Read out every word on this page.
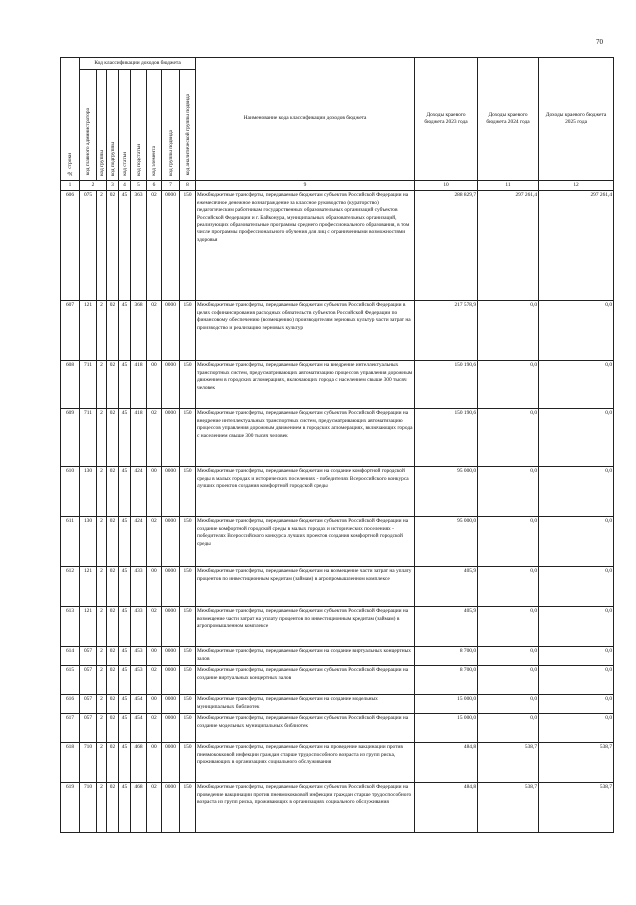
70
№ строки	Код классификации доходов бюджета								Наименование кода классификации доходов бюджета	Доходы краевого бюджета 2023 года	Доходы краевого бюджета 2024 года	Доходы краевого бюджета 2025 года
	код главного администратора	код группы	код подгруппы	код статьи	код подстатьи	код элемента	код группы подвида	код аналитической группы подвида				
1	2		3	4	5	6	7	8	9	10	11	12
606	075	2	02	45	363	02	0000	150	Межбюджетные трансферты, передаваемые бюджетам субъектов Российской Федерации на ежемесячное денежное вознаграждение за классное руководство (кураторство) педагогическим работникам государственных образовательных организаций субъектов Российской Федерации и г. Байконура, муниципальных образовательных организаций, реализующих образовательные программы среднего профессионального образования, в том числе программы профессионального обучения для лиц с ограниченными возможностями здоровья	288 829,7	297 261,4	297 261,4
607	121	2	02	45	368	02	0000	150	Межбюджетные трансферты, передаваемые бюджетам субъектов Российской Федерации в целях софинансирования расходных обязательств субъектов Российской Федерации по финансовому обеспечению (возмещению) производителям зерновых культур части затрат на производство и реализацию зерновых культур	217 578,9	0,0	0,0
608	711	2	02	45	418	00	0000	150	Межбюджетные трансферты, передаваемые бюджетам на внедрение интеллектуальных транспортных систем, предусматривающих автоматизацию процессов управления дорожным движением в городских агломерациях, включающих города с населением свыше 300 тысяч человек	150 190,6	0,0	0,0
609	711	2	02	45	418	02	0000	150	Межбюджетные трансферты, передаваемые бюджетам субъектов Российской Федерации на внедрение интеллектуальных транспортных систем, предусматривающих автоматизацию процессов управления дорожным движением в городских агломерациях, включающих города с населением свыше 300 тысяч человек	150 190,6	0,0	0,0
610	130	2	02	45	424	00	0000	150	Межбюджетные трансферты, передаваемые бюджетам на создание комфортной городской среды в малых городах и исторических поселениях - победителях Всероссийского конкурса лучших проектов создания комфортной городской среды	95 000,0	0,0	0,0
611	130	2	02	45	424	02	0000	150	Межбюджетные трансферты, передаваемые бюджетам субъектов Российской Федерации на создание комфортной городской среды в малых городах и исторических поселениях - победителях Всероссийского конкурса лучших проектов создания комфортной городской среды	95 000,0	0,0	0,0
612	121	2	02	45	433	00	0000	150	Межбюджетные трансферты, передаваемые бюджетам на возмещение части затрат на уплату процентов по инвестиционным кредитам (займам) в агропромышленном комплексе	405,9	0,0	0,0
613	121	2	02	45	433	02	0000	150	Межбюджетные трансферты, передаваемые бюджетам субъектов Российской Федерации на возмещение части затрат на уплату процентов по инвестиционным кредитам (займам) в агропромышленном комплексе	405,9	0,0	0,0
614	057	2	02	45	453	00	0000	150	Межбюджетные трансферты, передаваемые бюджетам на создание виртуальных концертных залов	8 700,0	0,0	0,0
615	057	2	02	45	453	02	0000	150	Межбюджетные трансферты, передаваемые бюджетам субъектов Российской Федерации на создание виртуальных концертных залов	8 700,0	0,0	0,0
616	057	2	02	45	454	00	0000	150	Межбюджетные трансферты, передаваемые бюджетам на создание модельных муниципальных библиотек	15 000,0	0,0	0,0
617	057	2	02	45	454	02	0000	150	Межбюджетные трансферты, передаваемые бюджетам субъектов Российской Федерации на создание модельных муниципальных библиотек	15 000,0	0,0	0,0
618	710	2	02	45	468	00	0000	150	Межбюджетные трансферты, передаваемые бюджетам на проведение вакцинации против пневмококковой инфекции граждан старше трудоспособного возраста из групп риска, проживающих в организациях социального обслуживания	484,8	538,7	538,7
619	710	2	02	45	468	02	0000	150	Межбюджетные трансферты, передаваемые бюджетам субъектов Российской Федерации на проведение вакцинации против пневмококковой инфекции граждан старше трудоспособного возраста из групп риска, проживающих в организациях социального обслуживания	484,8	538,7	538,7
